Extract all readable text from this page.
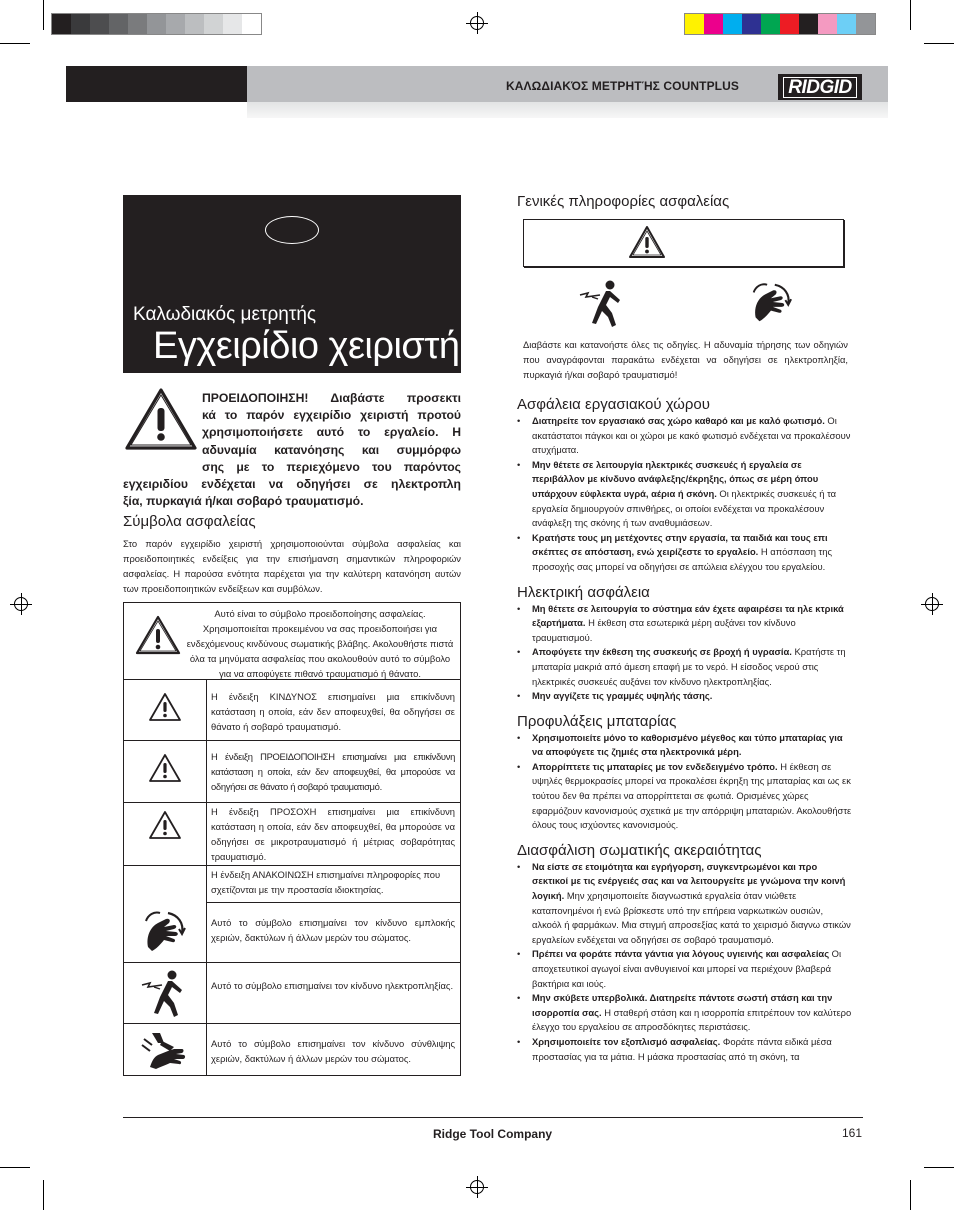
ΚΑΛΩΔΙΑΚΌΣ ΜΕΤΡΗΤΉΣ COUNTPLUS	RIDGID
Καλωδιακός μετρητής
Εγχειρίδιο χειριστή
ΠΡΟΕΙΔΟΠΟΙΗΣΗ! Διαβάστε προσεκτι
κά το παρόν εγχειρίδιο χειριστή προτού
χρησιμοποιήσετε αυτό το εργαλείο. Η
αδυναμία κατανόησης και συμμόρφω
σης με το περιεχόμενο του παρόντος
εγχειριδίου ενδέχεται να οδηγήσει σε ηλεκτροπλη
ξία, πυρκαγιά ή/και σοβαρό τραυματισμό.
Σύμβολα ασφαλείας
Στο παρόν εγχειρίδιο χειριστή χρησιμοποιούνται σύμβολα ασφαλείας και προειδοποιητικές ενδείξεις για την επισήμανση σημαντικών πληροφοριών ασφαλείας. Η παρούσα ενότητα παρέχεται για την καλύτερη κατανόηση αυτών των προειδοποιητικών ενδείξεων και συμβόλων.
Αυτό είναι το σύμβολο προειδοποίησης ασφαλείας. Χρησιμοποιείται προκειμένου να σας προειδοποιήσει για ενδεχόμενους κινδύνους σωματικής βλάβης. Ακολουθήστε πιστά όλα τα μηνύματα ασφαλείας που ακολουθούν αυτό το σύμβολο για να αποφύγετε πιθανό τραυματισμό ή θάνατο.
Η ένδειξη ΚΙΝΔΥΝΟΣ επισημαίνει μια επικίνδυνη κατάσταση η οποία, εάν δεν αποφευχθεί, θα οδηγήσει σε θάνατο ή σοβαρό τραυματισμό.
Η ένδειξη ΠΡΟΕΙΔΟΠΟΙΗΣΗ επισημαίνει μια επικίνδυνη κατάσταση η οποία, εάν δεν αποφευχθεί, θα μπορούσε να οδηγήσει σε θάνατο ή σοβαρό τραυματισμό.
Η ένδειξη ΠΡΟΣΟΧΗ επισημαίνει μια επικίνδυνη κατάσταση η οποία, εάν δεν αποφευχθεί, θα μπορούσε να οδηγήσει σε μικροτραυματισμό ή μέτριας σοβαρότητας τραυματισμό.
Η ένδειξη ΑΝΑΚΟΙΝΩΣΗ επισημαίνει πληροφορίες που σχετίζονται με την προστασία ιδιοκτησίας.
Αυτό το σύμβολο επισημαίνει τον κίνδυνο εμπλοκής χεριών, δακτύλων ή άλλων μερών του σώματος.
Αυτό το σύμβολο επισημαίνει τον κίνδυνο ηλεκτροπληξίας.
Αυτό το σύμβολο επισημαίνει τον κίνδυνο σύνθλιψης χεριών, δακτύλων ή άλλων μερών του σώματος.
Γενικές πληροφορίες ασφαλείας
Διαβάστε και κατανοήστε όλες τις οδηγίες. Η αδυναμία τήρησης των οδηγιών που αναγράφονται παρακάτω ενδέχεται να οδηγήσει σε ηλεκτροπληξία, πυρκαγιά ή/και σοβαρό τραυματισμό!
Ασφάλεια εργασιακού χώρου
• Διατηρείτε τον εργασιακό σας χώρο καθαρό και με καλό φωτισμό. Οι ακατάστατοι πάγκοι και οι χώροι με κακό φωτισμό ενδέχεται να προκαλέσουν ατυχήματα.
• Μην θέτετε σε λειτουργία ηλεκτρικές συσκευές ή εργαλεία σε περιβάλλον με κίνδυνο ανάφλεξης/έκρηξης, όπως σε μέρη όπου υπάρχουν εύφλεκτα υγρά, αέρια ή σκόνη. Οι ηλεκτρικές συσκευές ή τα εργαλεία δημιουργούν σπινθήρες, οι οποίοι ενδέχεται να προκαλέσουν ανάφλεξη της σκόνης ή των αναθυμιάσεων.
• Κρατήστε τους μη μετέχοντες στην εργασία, τα παιδιά και τους επι σκέπτες σε απόσταση, ενώ χειρίζεστε το εργαλείο. Η απόσπαση της προσοχής σας μπορεί να οδηγήσει σε απώλεια ελέγχου του εργαλείου.
Ηλεκτρική ασφάλεια
• Μη θέτετε σε λειτουργία το σύστημα εάν έχετε αφαιρέσει τα ηλε κτρικά εξαρτήματα. Η έκθεση στα εσωτερικά μέρη αυξάνει τον κίνδυνο τραυματισμού.
• Αποφύγετε την έκθεση της συσκευής σε βροχή ή υγρασία. Κρατήστε τη μπαταρία μακριά από άμεση επαφή με το νερό. Η είσοδος νερού στις ηλεκτρικές συσκευές αυξάνει τον κίνδυνο ηλεκτροπληξίας.
• Μην αγγίζετε τις γραμμές υψηλής τάσης.
Προφυλάξεις μπαταρίας
• Χρησιμοποιείτε μόνο το καθορισμένο μέγεθος και τύπο μπαταρίας για να αποφύγετε τις ζημιές στα ηλεκτρονικά μέρη.
• Απορρίπτετε τις μπαταρίες με τον ενδεδειγμένο τρόπο. Η έκθεση σε υψηλές θερμοκρασίες μπορεί να προκαλέσει έκρηξη της μπαταρίας και ως εκ τούτου δεν θα πρέπει να απορρίπτεται σε φωτιά. Ορισμένες χώρες εφαρμόζουν κανονισμούς σχετικά με την απόρριψη μπαταριών. Ακολουθήστε όλους τους ισχύοντες κανονισμούς.
Διασφάλιση σωματικής ακεραιότητας
• Να είστε σε ετοιμότητα και εγρήγορση, συγκεντρωμένοι και προ σεκτικοί με τις ενέργειές σας και να λειτουργείτε με γνώμονα την κοινή λογική. Μην χρησιμοποιείτε διαγνωστικά εργαλεία όταν νιώθετε καταπονημένοι ή ενώ βρίσκεστε υπό την επήρεια ναρκωτικών ουσιών, αλκοόλ ή φαρμάκων. Μια στιγμή απροσεξίας κατά το χειρισμό διαγνω στικών εργαλείων ενδέχεται να οδηγήσει σε σοβαρό τραυματισμό.
• Πρέπει να φοράτε πάντα γάντια για λόγους υγιεινής και ασφαλείας Οι αποχετευτικοί αγωγοί είναι ανθυγιεινοί και μπορεί να περιέχουν βλαβερά βακτήρια και ιούς.
• Μην σκύβετε υπερβολικά. Διατηρείτε πάντοτε σωστή στάση και την ισορροπία σας. Η σταθερή στάση και η ισορροπία επιτρέπουν τον καλύτερο έλεγχο του εργαλείου σε απροσδόκητες περιστάσεις.
• Χρησιμοποιείτε τον εξοπλισμό ασφαλείας. Φοράτε πάντα ειδικά μέσα προστασίας για τα μάτια. Η μάσκα προστασίας από τη σκόνη, τα
Ridge Tool Company	161
